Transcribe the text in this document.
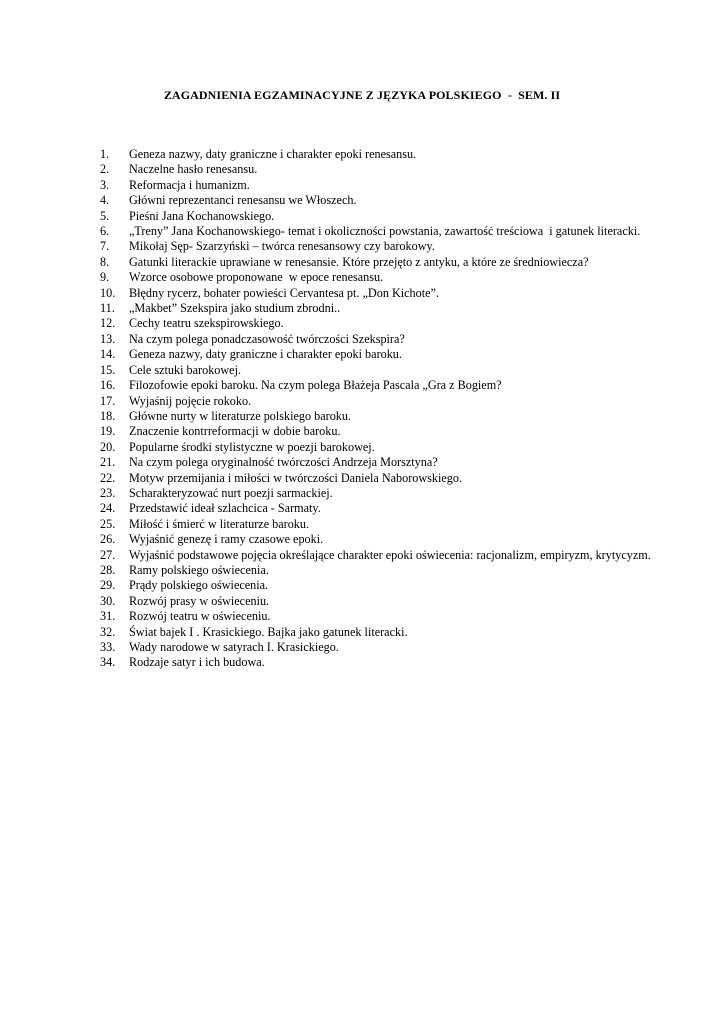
ZAGADNIENIA EGZAMINACYJNE Z JĘZYKA POLSKIEGO  -  SEM. II
1.	Geneza nazwy, daty graniczne i charakter epoki renesansu.
2.	Naczelne hasło renesansu.
3.	Reformacja i humanizm.
4.	Główni reprezentanci renesansu we Włoszech.
5.	Pieśni Jana Kochanowskiego.
6.	„Treny” Jana Kochanowskiego- temat i okoliczności powstania, zawartość treściowa  i gatunek literacki.
7.	Mikołaj Sęp- Szarzyński – twórca renesansowy czy barokowy.
8.	Gatunki literackie uprawiane w renesansie. Które przejęto z antyku, a które ze średniowiecza?
9.	Wzorce osobowe proponowane  w epoce renesansu.
10.	Błędny rycerz, bohater powieści Cervantesa pt. „Don Kichote”.
11.	„Makbet” Szekspira jako studium zbrodni..
12.	Cechy teatru szekspirowskiego.
13.	Na czym polega ponadczasowość twórczości Szekspira?
14.	Geneza nazwy, daty graniczne i charakter epoki baroku.
15.	Cele sztuki barokowej.
16.	Filozofowie epoki baroku. Na czym polega Błażeja Pascala „Gra z Bogiem?
17.	Wyjaśnij pojęcie rokoko.
18.	Główne nurty w literaturze polskiego baroku.
19.	Znaczenie kontrreformacji w dobie baroku.
20.	Popularne środki stylistyczne w poezji barokowej.
21.	Na czym polega oryginalność twórczości Andrzeja Morsztyna?
22.	Motyw przemijania i miłości w twórczości Daniela Naborowskiego.
23.	Scharakteryzować nurt poezji sarmackiej.
24.	Przedstawić ideał szlachcica - Sarmaty.
25.	Miłość i śmierć w literaturze baroku.
26.	Wyjaśnić genezę i ramy czasowe epoki.
27.	Wyjaśnić podstawowe pojęcia określające charakter epoki oświecenia: racjonalizm, empiryzm, krytycyzm.
28.	Ramy polskiego oświecenia.
29.	Prądy polskiego oświecenia.
30.	Rozwój prasy w oświeceniu.
31.	Rozwój teatru w oświeceniu.
32.	Świat bajek I . Krasickiego. Bajka jako gatunek literacki.
33.	Wady narodowe w satyrach I. Krasickiego.
34.	Rodzaje satyr i ich budowa.
